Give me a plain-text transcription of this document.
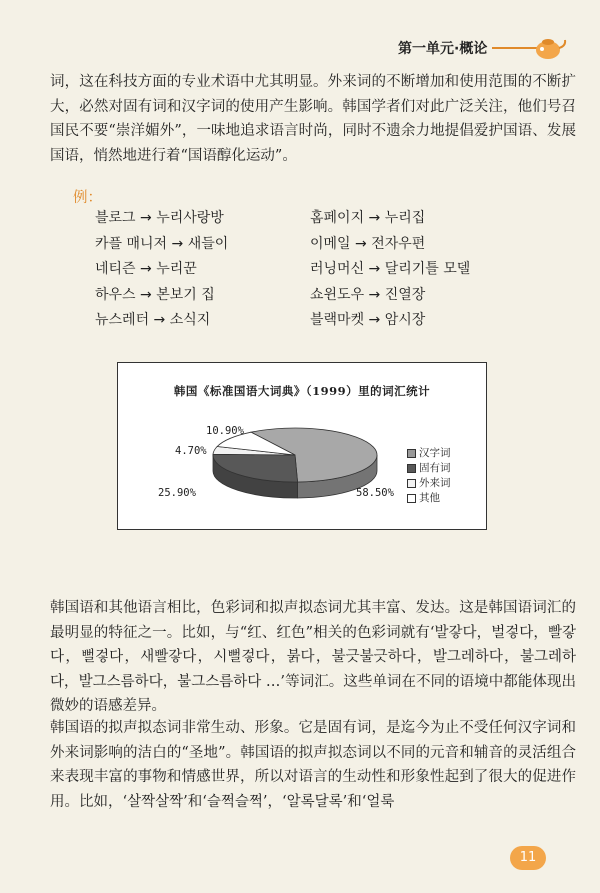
第一单元·概论

词，这在科技方面的专业术语中尤其明显。外来词的不断增加和使用范围的不断扩大，必然对固有词和汉字词的使用产生影响。韩国学者们对此广泛关注，他们号召国民不要“崇洋媚外”，一味地追求语言时尚，同时不遗余力地提倡爱护国语、发展国语，悄然地进行着“国语醇化运动”。

例：
블로그 → 누리사랑방	홈페이지 → 누리집
카플 매니저 → 새들이	이메일 → 전자우편
네티즌 → 누리꾼	러닝머신 → 달리기틀 모델
하우스 → 본보기 집	쇼윈도우 → 진열장
뉴스레터 → 소식지	블랙마켓 → 암시장
韩国《标准国语大词典》（1999）里的词汇统计
10.90%
4.70%
25.90%	58.50%
汉字词
固有词
外来词
其他

韩国语和其他语言相比，色彩词和拟声拟态词尤其丰富、发达。这是韩国语词汇的最明显的特征之一。比如，与“红、红色”相关的色彩词就有‘발갛다，벌겋다，빨갛다，뻘겋다，새빨갛다，시뻘겋다，붉다，불긋불긋하다，발그레하다，불그레하다，발그스름하다，불그스름하다 …’等词汇。这些单词在不同的语境中都能体现出微妙的语感差异。

韩国语的拟声拟态词非常生动、形象。它是固有词，是迄今为止不受任何汉字词和外来词影响的洁白的“圣地”。韩国语的拟声拟态词以不同的元音和辅音的灵活组合来表现丰富的事物和情感世界，所以对语言的生动性和形象性起到了很大的促进作用。比如，‘살짝살짝’和‘슬쩍슬쩍’，‘알록달록’和‘얼룩

11
